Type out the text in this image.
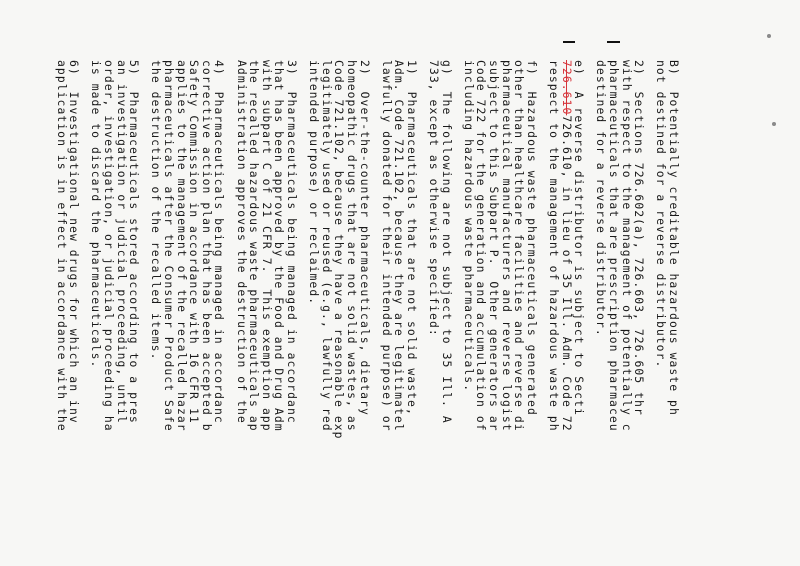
B)  Potentially creditable hazardous waste ph
not destined for a reverse distributor.
2)  Sections 726.602(a), 726.603, 726.605 thr
with respect to the management of potentially c
pharmaceuticals that are prescription pharmaceu
destined for a reverse distributor.
e)  A reverse distributor is subject to Secti
726.610726.610, in lieu of 35 Ill. Adm. Code 72
respect to the management of hazardous waste ph
f)  Hazardous waste pharmaceuticals generated
other than healthcare facilities and reverse di
pharmaceutical manufacturers and reverse logist
subject to this Subpart P.  Other generators ar
Code 722 for the generation and accumulation of
including hazardous waste pharmaceuticals.
g)  The following are not subject to 35 Ill. A
733, except as otherwise specified:
1)  Pharmaceuticals that are not solid waste,
Adm. Code 721.102, because they are legitimatel
lawfully donated for their intended purpose) or
2)  Over-the-counter pharmaceuticals, dietary
homeopathic drugs that are not solid wastes, as
Code 721.102, because they have a reasonable exp
legitimately used or reused (e.g., lawfully red
intended purpose) or reclaimed.
3)  Pharmaceuticals being managed in accordanc
that has been approved by the Food and Drug Adm
with subpart C of 21 CFR 7.  This exemption app
the recalled hazardous waste pharmaceuticals ap
Administration approves the destruction of the
4)  Pharmaceuticals being managed in accordanc
corrective action plan that has been accepted b
Safety Commission in accordance with 16 CFR 11
applies to the management of the recalled hazar
pharmaceuticals after the Consumer Product Safe
the destruction of the recalled items.
5)  Pharmaceuticals stored according to a pres
an investigation or judicial proceeding, until
order, investigation, or judicial proceeding ha
is made to discard the pharmaceuticals.
6)  Investigational new drugs for which an inv
application is in effect in accordance with the
